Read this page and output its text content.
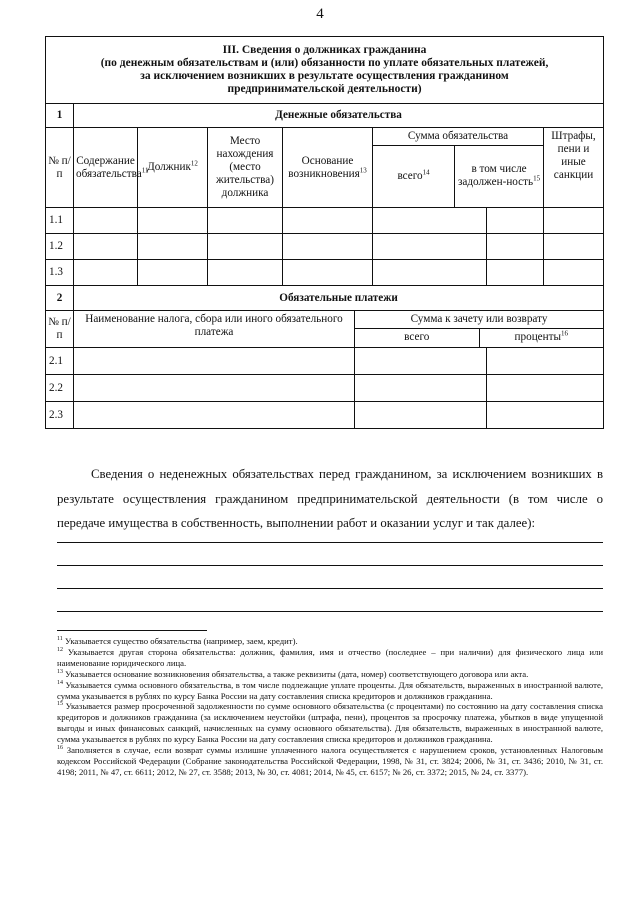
4
III. Сведения о должниках гражданина
(по денежным обязательствам и (или) обязанности по уплате обязательных платежей,
за исключением возникших в результате осуществления гражданином
предпринимательской деятельности)

1	Денежные обязательства
№ п/п	Содержание обязательства$^{11}$	Должник$^{12}$	Место нахождения (место жительства) должника	Основание возникновения$^{13}$	
Сумма обязательства
всего$^{14}$	в том числе задолжен-ность$^{15}$
	Штрафы, пени и иные санкции
1.1							
1.2							
1.3							
2	Обязательные платежи
№ п/п	Наименование налога, сбора или иного обязательного платежа	
Сумма к зачету или возврату
всего	проценты$^{16}$

2.1			
2.2			
2.3			
Сведения о неденежных обязательствах перед гражданином, за исключением возникших в результате осуществления гражданином предпринимательской деятельности (в том числе о передаче имущества в собственность, выполнении работ и оказании услуг и так далее):

$^{11}$ Указывается существо обязательства (например, заем, кредит).

$^{12}$ Указывается другая сторона обязательства: должник, фамилия, имя и отчество (последнее – при наличии) для физического лица или наименование юридического лица.

$^{13}$ Указывается основание возникновения обязательства, а также реквизиты (дата, номер) соответствующего договора или акта.

$^{14}$ Указывается сумма основного обязательства, в том числе подлежащие уплате проценты. Для обязательств, выраженных в иностранной валюте, сумма указывается в рублях по курсу Банка России на дату составления списка кредиторов и должников гражданина.

$^{15}$ Указывается размер просроченной задолженности по сумме основного обязательства (с процентами) по состоянию на дату составления списка кредиторов и должников гражданина (за исключением неустойки (штрафа, пени), процентов за просрочку платежа, убытков в виде упущенной выгоды и иных финансовых санкций, начисленных на сумму основного обязательства). Для обязательств, выраженных в иностранной валюте, сумма указывается в рублях по курсу Банка России на дату составления списка кредиторов и должников гражданина.

$^{16}$ Заполняется в случае, если возврат суммы излишне уплаченного налога осуществляется с нарушением сроков, установленных Налоговым кодексом Российской Федерации (Собрание законодательства Российской Федерации, 1998, № 31, ст. 3824; 2006, № 31, ст. 3436; 2010, № 31, ст. 4198; 2011, № 47, ст. 6611; 2012, № 27, ст. 3588; 2013, № 30, ст. 4081; 2014, № 45, ст. 6157; № 26, ст. 3372; 2015, № 24, ст. 3377).
